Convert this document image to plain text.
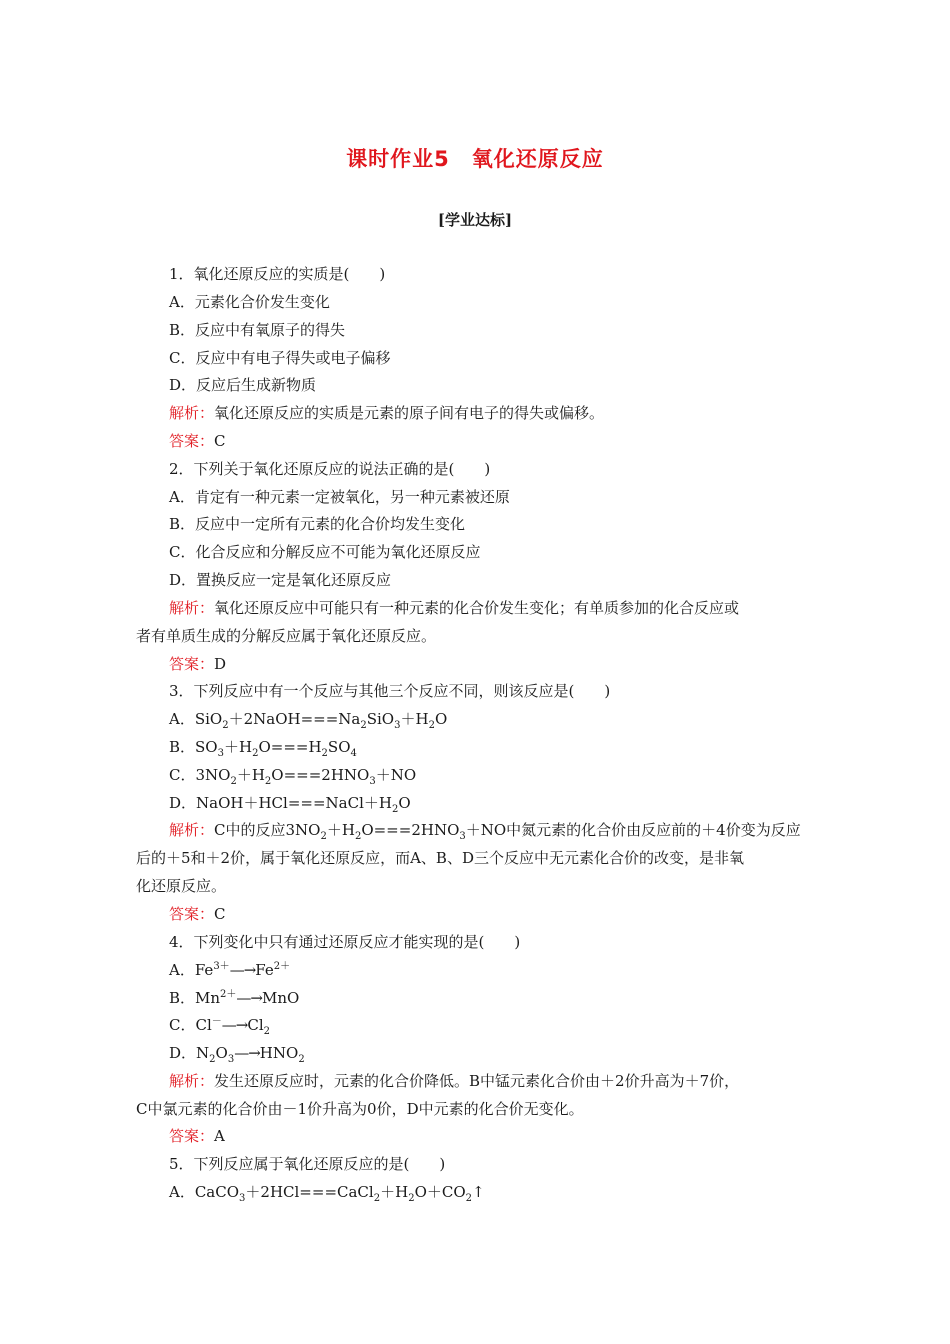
课时作业5　氧化还原反应
[学业达标]
1．氧化还原反应的实质是(　　)
A．元素化合价发生变化
B．反应中有氧原子的得失
C．反应中有电子得失或电子偏移
D．反应后生成新物质
解析：氧化还原反应的实质是元素的原子间有电子的得失或偏移。
答案：C
2．下列关于氧化还原反应的说法正确的是(　　)
A．肯定有一种元素一定被氧化，另一种元素被还原
B．反应中一定所有元素的化合价均发生变化
C．化合反应和分解反应不可能为氧化还原反应
D．置换反应一定是氧化还原反应
解析：氧化还原反应中可能只有一种元素的化合价发生变化；有单质参加的化合反应或
者有单质生成的分解反应属于氧化还原反应。
答案：D
3．下列反应中有一个反应与其他三个反应不同，则该反应是(　　)
A．$SiO_2+2NaOH===Na_2SiO_3+H_2O$
B．$SO_3+H_2O===H_2SO_4$
C．$3NO_2+H_2O===2HNO_3+NO$
D．$NaOH+HCl===NaCl+H_2O$
解析：C中的反应$3NO_2+H_2O===2HNO_3+NO$中氮元素的化合价由反应前的＋4价变为反应
后的＋5和＋2价，属于氧化还原反应，而A、B、D三个反应中无元素化合价的改变，是非氧
化还原反应。
答案：C
4．下列变化中只有通过还原反应才能实现的是(　　)
A．$Fe^{3+}—\to Fe^{2+}$
B．$Mn^{2+}—\to MnO$
C．$Cl^-—\to Cl_2$
D．$N_2O_3—\to HNO_2$
解析：发生还原反应时，元素的化合价降低。B中锰元素化合价由＋2价升高为＋7价，
C中氯元素的化合价由－1价升高为0价，D中元素的化合价无变化。
答案：A
5．下列反应属于氧化还原反应的是(　　)
A．$CaCO_3+2HCl===CaCl_2+H_2O+CO_2↑$
